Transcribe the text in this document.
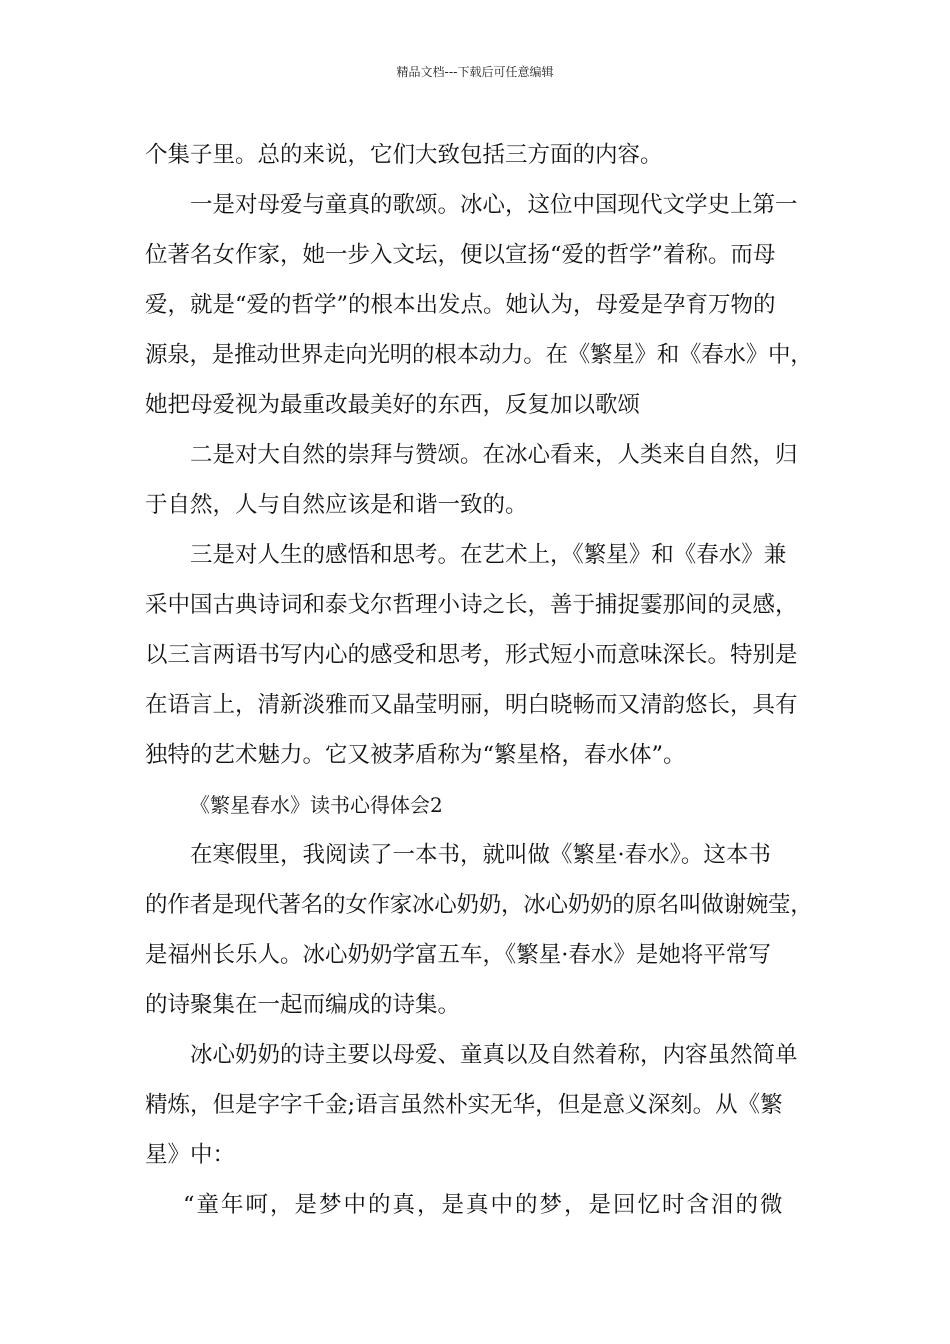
精品文档---下载后可任意编辑
个集子里。总的来说，它们大致包括三方面的内容。
一是对母爱与童真的歌颂。冰心，这位中国现代文学史上第一
位著名女作家，她一步入文坛，便以宣扬“爱的哲学”着称。而母
爱，就是“爱的哲学”的根本出发点。她认为，母爱是孕育万物的
源泉，是推动世界走向光明的根本动力。在《繁星》和《春水》中，
她把母爱视为最重改最美好的东西，反复加以歌颂
二是对大自然的崇拜与赞颂。在冰心看来，人类来自自然，归
于自然，人与自然应该是和谐一致的。
三是对人生的感悟和思考。在艺术上，《繁星》和《春水》兼
采中国古典诗词和泰戈尔哲理小诗之长，善于捕捉霎那间的灵感，
以三言两语书写内心的感受和思考，形式短小而意味深长。特别是
在语言上，清新淡雅而又晶莹明丽，明白晓畅而又清韵悠长，具有
独特的艺术魅力。它又被茅盾称为“繁星格，春水体”。
《繁星春水》读书心得体会2
在寒假里，我阅读了一本书，就叫做《繁星·春水》。这本书
的作者是现代著名的女作家冰心奶奶，冰心奶奶的原名叫做谢婉莹，
是福州长乐人。冰心奶奶学富五车，《繁星·春水》是她将平常写
的诗聚集在一起而编成的诗集。
冰心奶奶的诗主要以母爱、童真以及自然着称，内容虽然简单
精炼，但是字字千金;语言虽然朴实无华，但是意义深刻。从《繁
星》中：
“童年呵，是梦中的真，是真中的梦，是回忆时含泪的微
